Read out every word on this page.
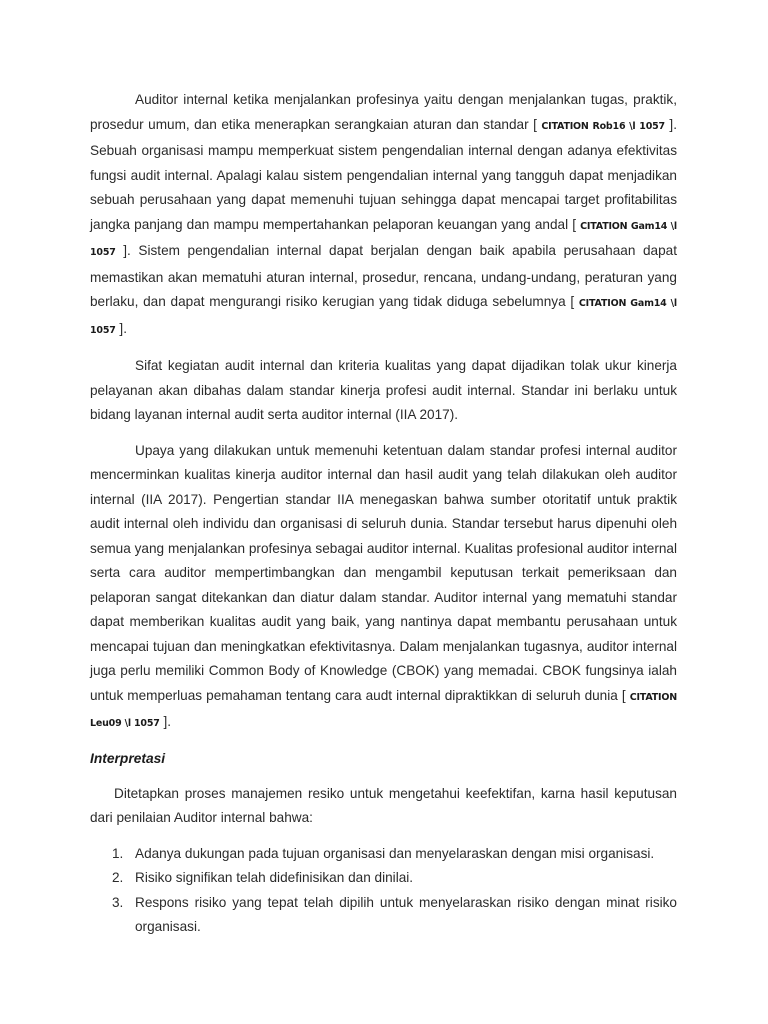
Auditor internal ketika menjalankan profesinya yaitu dengan menjalankan tugas, praktik, prosedur umum, dan etika menerapkan serangkaian aturan dan standar [ CITATION Rob16 \l 1057 ]. Sebuah organisasi mampu memperkuat sistem pengendalian internal dengan adanya efektivitas fungsi audit internal. Apalagi kalau sistem pengendalian internal yang tangguh dapat menjadikan sebuah perusahaan yang dapat memenuhi tujuan sehingga dapat mencapai target profitabilitas jangka panjang dan mampu mempertahankan pelaporan keuangan yang andal [ CITATION Gam14 \l 1057 ]. Sistem pengendalian internal dapat berjalan dengan baik apabila perusahaan dapat memastikan akan mematuhi aturan internal, prosedur, rencana, undang-undang, peraturan yang berlaku, dan dapat mengurangi risiko kerugian yang tidak diduga sebelumnya [ CITATION Gam14 \l 1057 ].

Sifat kegiatan audit internal dan kriteria kualitas yang dapat dijadikan tolak ukur kinerja pelayanan akan dibahas dalam standar kinerja profesi audit internal. Standar ini berlaku untuk bidang layanan internal audit serta auditor internal (IIA 2017).

Upaya yang dilakukan untuk memenuhi ketentuan dalam standar profesi internal auditor mencerminkan kualitas kinerja auditor internal dan hasil audit yang telah dilakukan oleh auditor internal (IIA 2017). Pengertian standar IIA menegaskan bahwa sumber otoritatif untuk praktik audit internal oleh individu dan organisasi di seluruh dunia. Standar tersebut harus dipenuhi oleh semua yang menjalankan profesinya sebagai auditor internal. Kualitas profesional auditor internal serta cara auditor mempertimbangkan dan mengambil keputusan terkait pemeriksaan dan pelaporan sangat ditekankan dan diatur dalam standar. Auditor internal yang mematuhi standar dapat memberikan kualitas audit yang baik, yang nantinya dapat membantu perusahaan untuk mencapai tujuan dan meningkatkan efektivitasnya. Dalam menjalankan tugasnya, auditor internal juga perlu memiliki Common Body of Knowledge (CBOK) yang memadai. CBOK fungsinya ialah untuk memperluas pemahaman tentang cara audt internal dipraktikkan di seluruh dunia [ CITATION Leu09 \l 1057 ].

Interpretasi

Ditetapkan proses manajemen resiko untuk mengetahui keefektifan, karna hasil keputusan dari penilaian Auditor internal bahwa:

1. Adanya dukungan pada tujuan organisasi dan menyelaraskan dengan misi organisasi.
2. Risiko signifikan telah didefinisikan dan dinilai.
3. Respons risiko yang tepat telah dipilih untuk menyelaraskan risiko dengan minat risiko organisasi.
